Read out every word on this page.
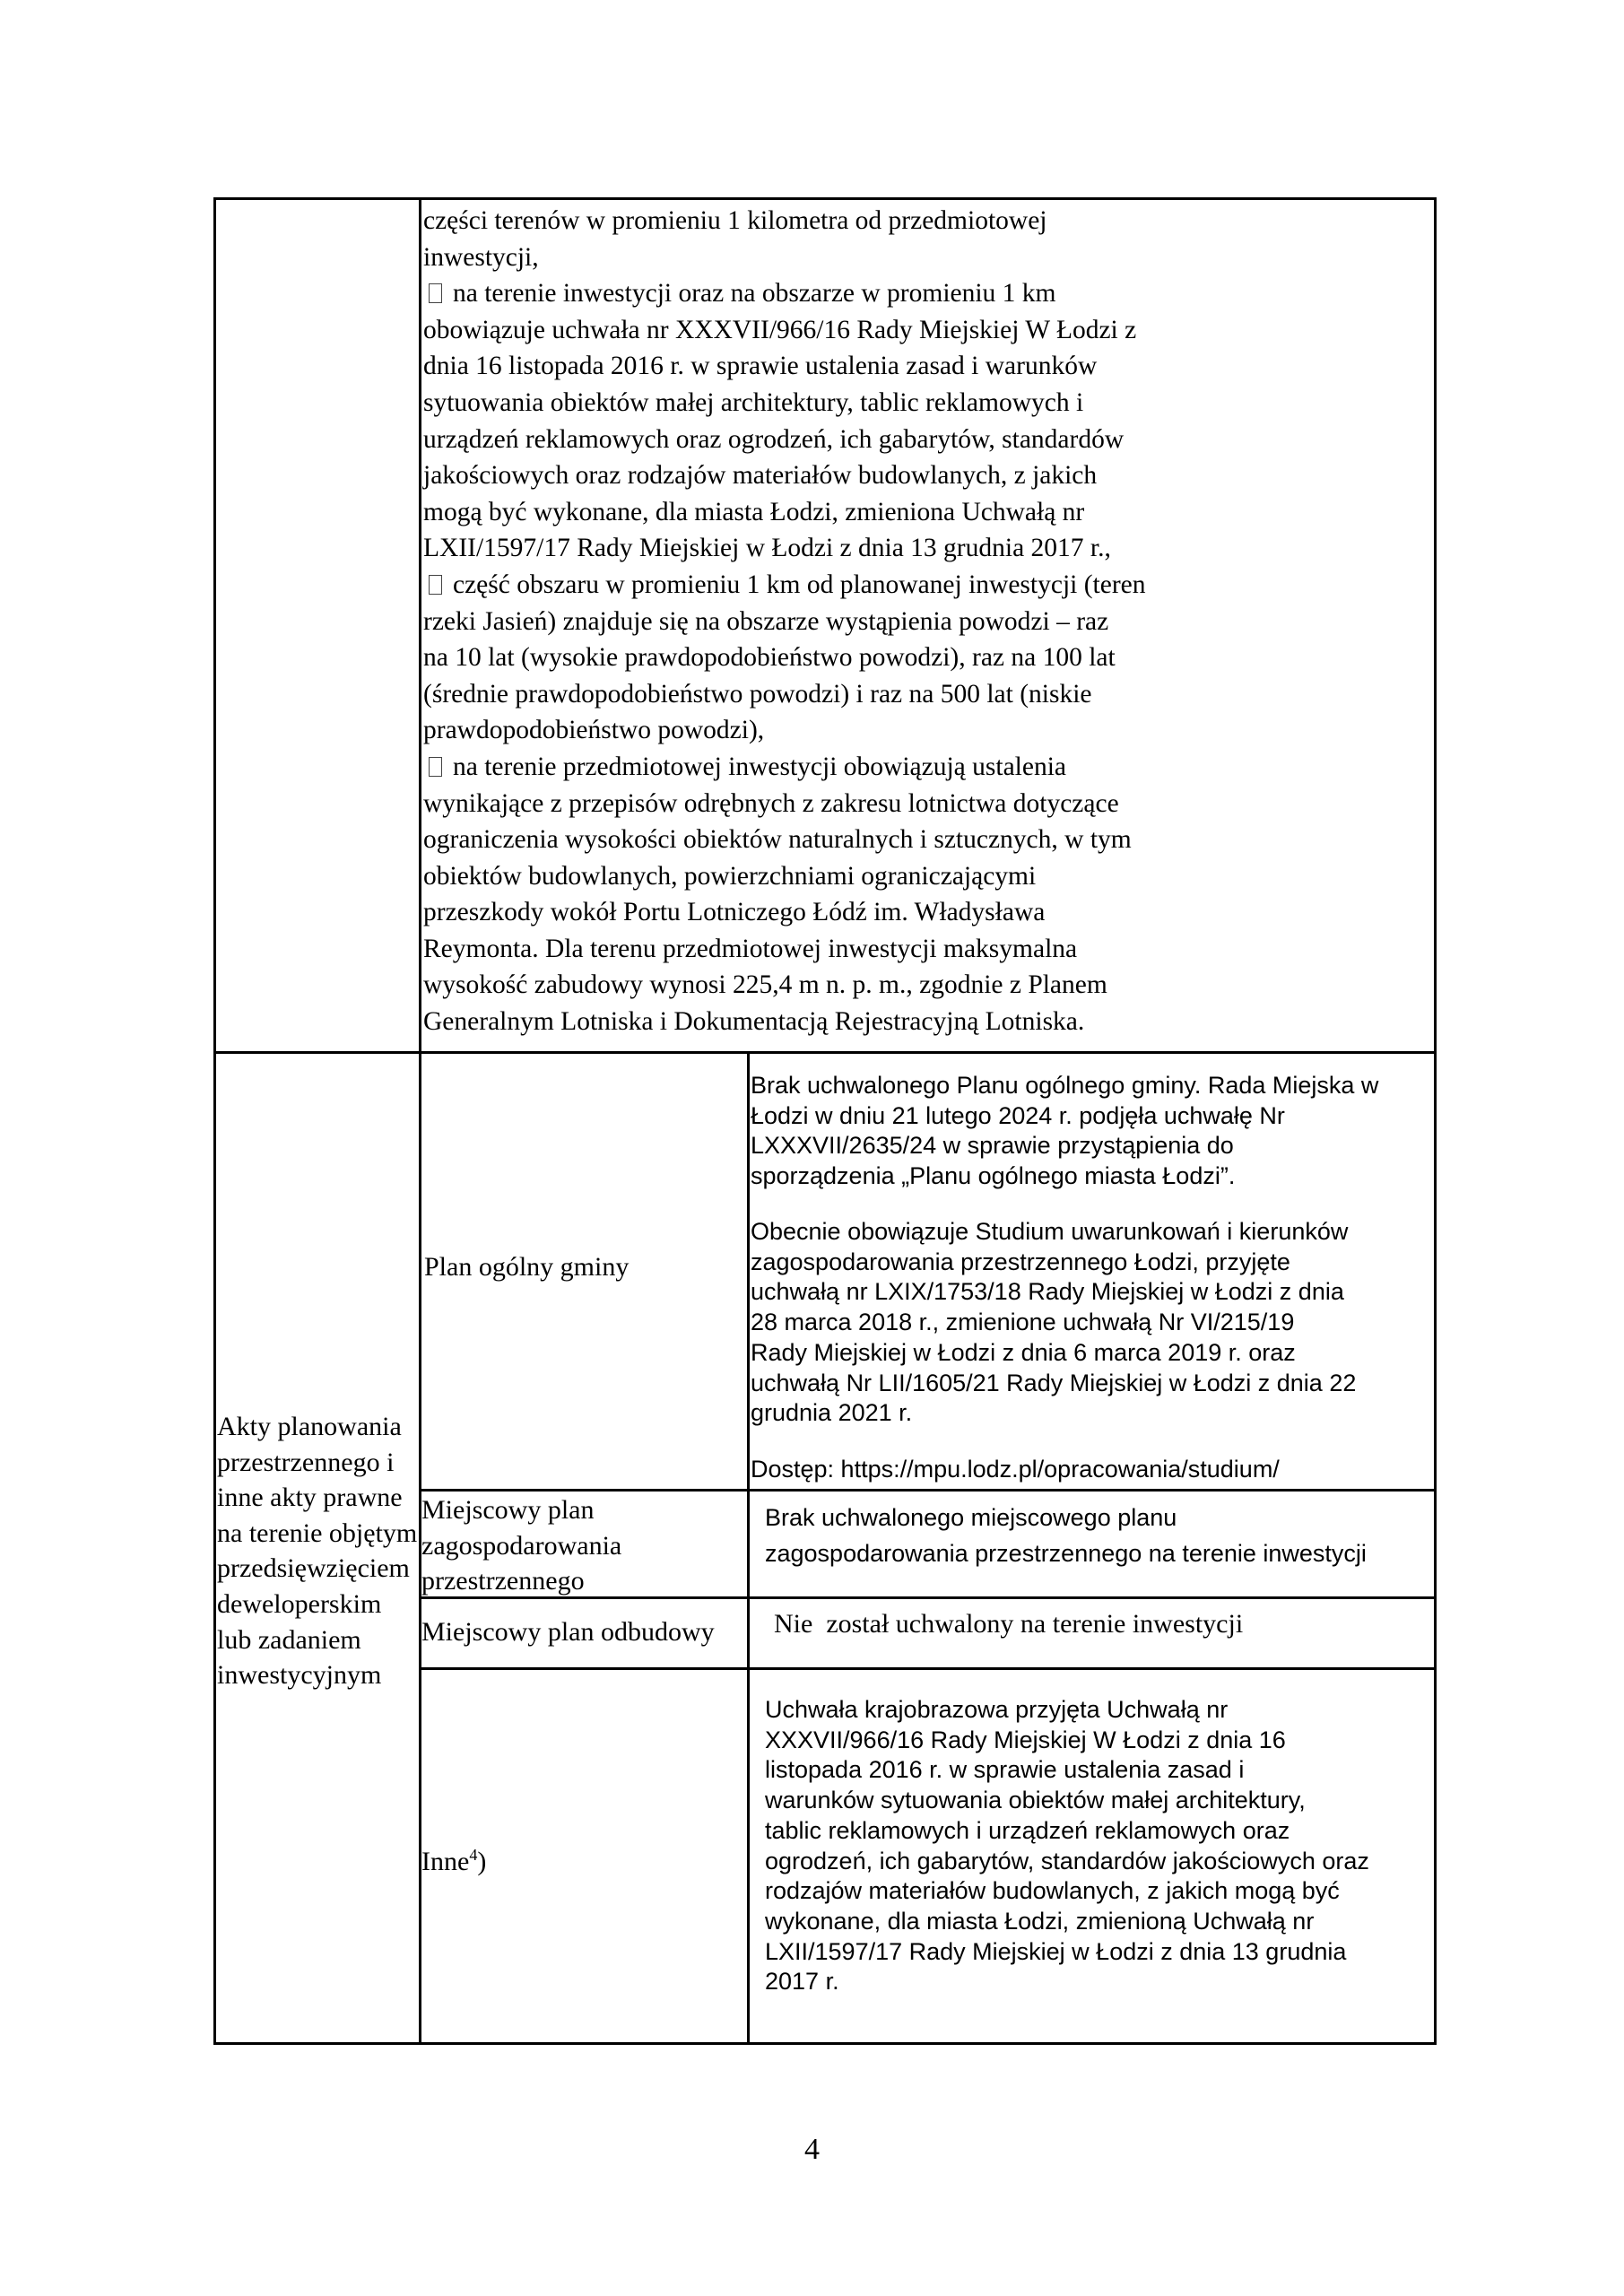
części terenów w promieniu 1 kilometra od przedmiotowej
inwestycji,
na terenie inwestycji oraz na obszarze w promieniu 1 km
obowiązuje uchwała nr XXXVII/966/16 Rady Miejskiej W Łodzi z
dnia 16 listopada 2016 r. w sprawie ustalenia zasad i warunków
sytuowania obiektów małej architektury, tablic reklamowych i
urządzeń reklamowych oraz ogrodzeń, ich gabarytów, standardów
jakościowych oraz rodzajów materiałów budowlanych, z jakich
mogą być wykonane, dla miasta Łodzi, zmieniona Uchwałą nr
LXII/1597/17 Rady Miejskiej w Łodzi z dnia 13 grudnia 2017 r.,
część obszaru w promieniu 1 km od planowanej inwestycji (teren
rzeki Jasień) znajduje się na obszarze wystąpienia powodzi – raz
na 10 lat (wysokie prawdopodobieństwo powodzi), raz na 100 lat
(średnie prawdopodobieństwo powodzi) i raz na 500 lat (niskie
prawdopodobieństwo powodzi),
na terenie przedmiotowej inwestycji obowiązują ustalenia
wynikające z przepisów odrębnych z zakresu lotnictwa dotyczące
ograniczenia wysokości obiektów naturalnych i sztucznych, w tym
obiektów budowlanych, powierzchniami ograniczającymi
przeszkody wokół Portu Lotniczego Łódź im. Władysława
Reymonta. Dla terenu przedmiotowej inwestycji maksymalna
wysokość zabudowy wynosi 225,4 m n. p. m., zgodnie z Planem
Generalnym Lotniska i Dokumentacją Rejestracyjną Lotniska.
Akty planowania
przestrzennego i
inne akty prawne
na terenie objętym
przedsięwzięciem
deweloperskim
lub zadaniem
inwestycyjnym
Plan ogólny gminy
Brak uchwalonego Planu ogólnego gminy. Rada Miejska w
Łodzi w dniu 21 lutego 2024 r. podjęła uchwałę Nr
LXXXVII/2635/24 w sprawie przystąpienia do
sporządzenia „Planu ogólnego miasta Łodzi”.
Obecnie obowiązuje Studium uwarunkowań i kierunków
zagospodarowania przestrzennego Łodzi, przyjęte
uchwałą nr LXIX/1753/18 Rady Miejskiej w Łodzi z dnia
28 marca 2018 r., zmienione uchwałą Nr VI/215/19
Rady Miejskiej w Łodzi z dnia 6 marca 2019 r. oraz
uchwałą Nr LII/1605/21 Rady Miejskiej w Łodzi z dnia 22
grudnia 2021 r.
Dostęp: https://mpu.lodz.pl/opracowania/studium/
Miejscowy plan
zagospodarowania
przestrzennego
Brak uchwalonego miejscowego planu
zagospodarowania przestrzennego na terenie inwestycji
Miejscowy plan odbudowy Nie  został uchwalony na terenie inwestycji
Inne$^4$)
Uchwała krajobrazowa przyjęta Uchwałą nr
XXXVII/966/16 Rady Miejskiej W Łodzi z dnia 16
listopada 2016 r. w sprawie ustalenia zasad i
warunków sytuowania obiektów małej architektury,
tablic reklamowych i urządzeń reklamowych oraz
ogrodzeń, ich gabarytów, standardów jakościowych oraz
rodzajów materiałów budowlanych, z jakich mogą być
wykonane, dla miasta Łodzi, zmienioną Uchwałą nr
LXII/1597/17 Rady Miejskiej w Łodzi z dnia 13 grudnia
2017 r.
4
